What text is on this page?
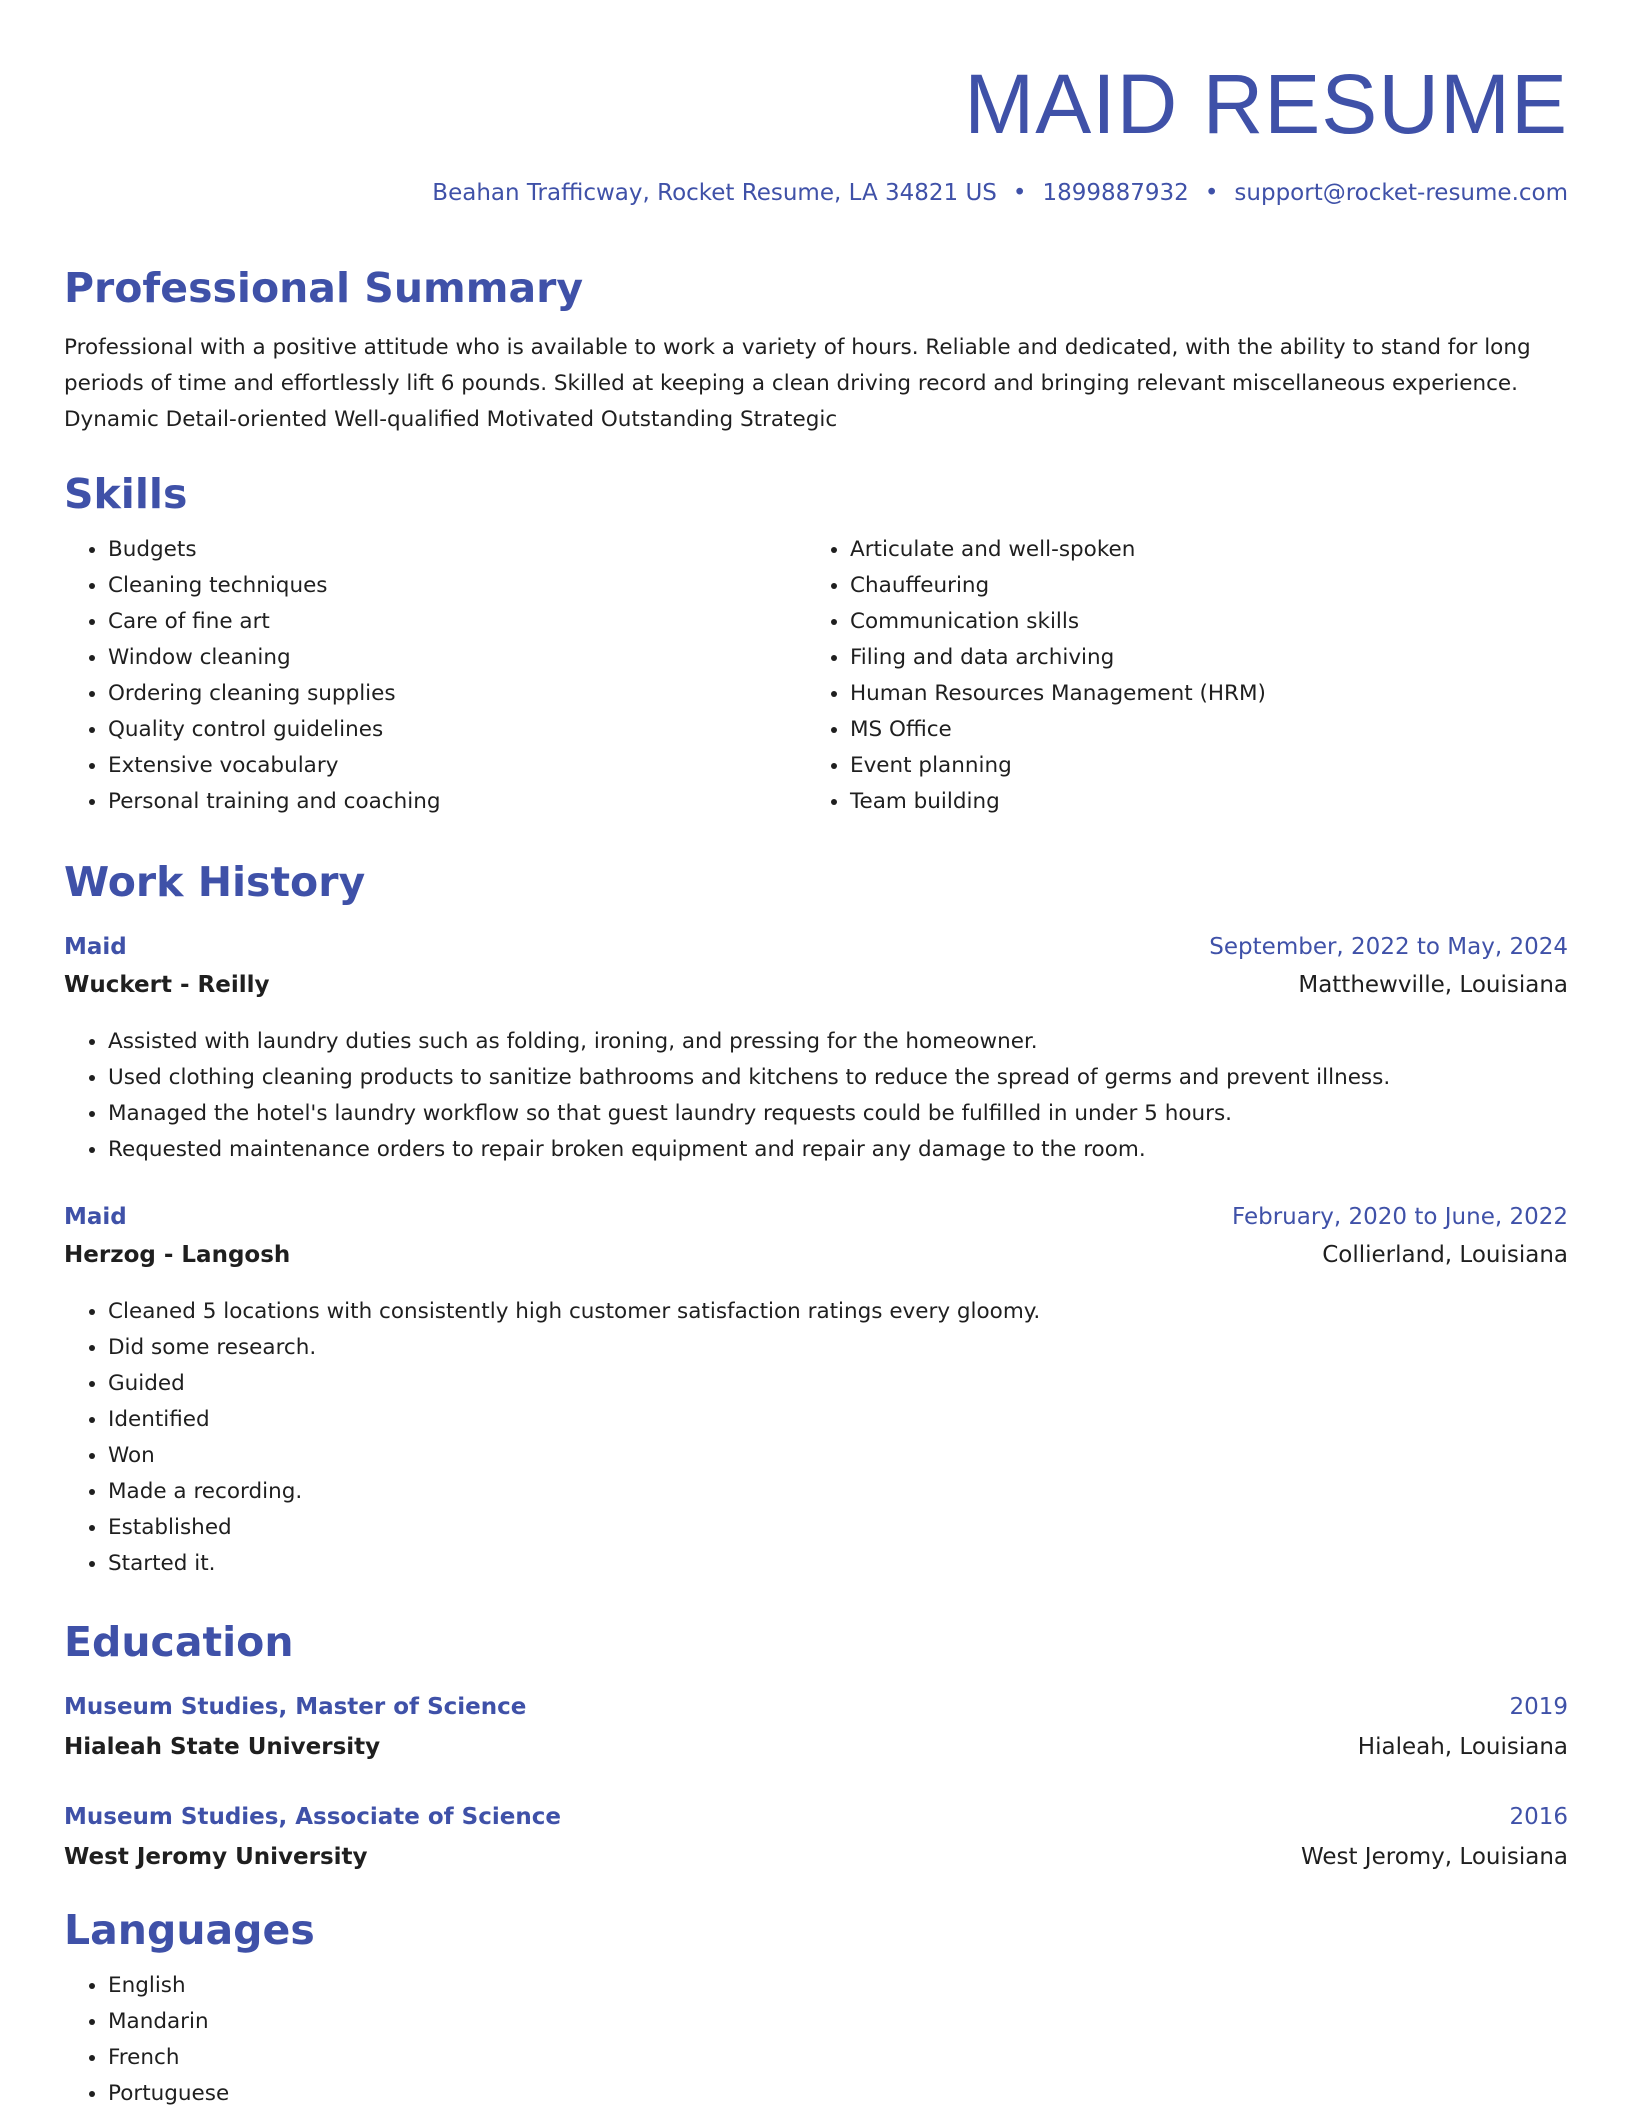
MAID RESUME
Beahan Trafficway, Rocket Resume, LA 34821 US • 1899887932 • support@rocket-resume.com
Professional Summary
Professional with a positive attitude who is available to work a variety of hours. Reliable and dedicated, with the ability to stand for long periods of time and effortlessly lift 6 pounds. Skilled at keeping a clean driving record and bringing relevant miscellaneous experience. Dynamic Detail-oriented Well-qualified Motivated Outstanding Strategic
Skills
• Budgets
• Cleaning techniques
• Care of fine art
• Window cleaning
• Ordering cleaning supplies
• Quality control guidelines
• Extensive vocabulary
• Personal training and coaching
• Articulate and well-spoken
• Chauffeuring
• Communication skills
• Filing and data archiving
• Human Resources Management (HRM)
• MS Office
• Event planning
• Team building
Work History
Maid	September, 2022 to May, 2024
Wuckert - Reilly	Matthewville, Louisiana
• Assisted with laundry duties such as folding, ironing, and pressing for the homeowner.
• Used clothing cleaning products to sanitize bathrooms and kitchens to reduce the spread of germs and prevent illness.
• Managed the hotel's laundry workflow so that guest laundry requests could be fulfilled in under 5 hours.
• Requested maintenance orders to repair broken equipment and repair any damage to the room.
Maid	February, 2020 to June, 2022
Herzog - Langosh	Collierland, Louisiana
• Cleaned 5 locations with consistently high customer satisfaction ratings every gloomy.
• Did some research.
• Guided
• Identified
• Won
• Made a recording.
• Established
• Started it.
Education
Museum Studies, Master of Science	2019
Hialeah State University	Hialeah, Louisiana
Museum Studies, Associate of Science	2016
West Jeromy University	West Jeromy, Louisiana
Languages
• English
• Mandarin
• French
• Portuguese
